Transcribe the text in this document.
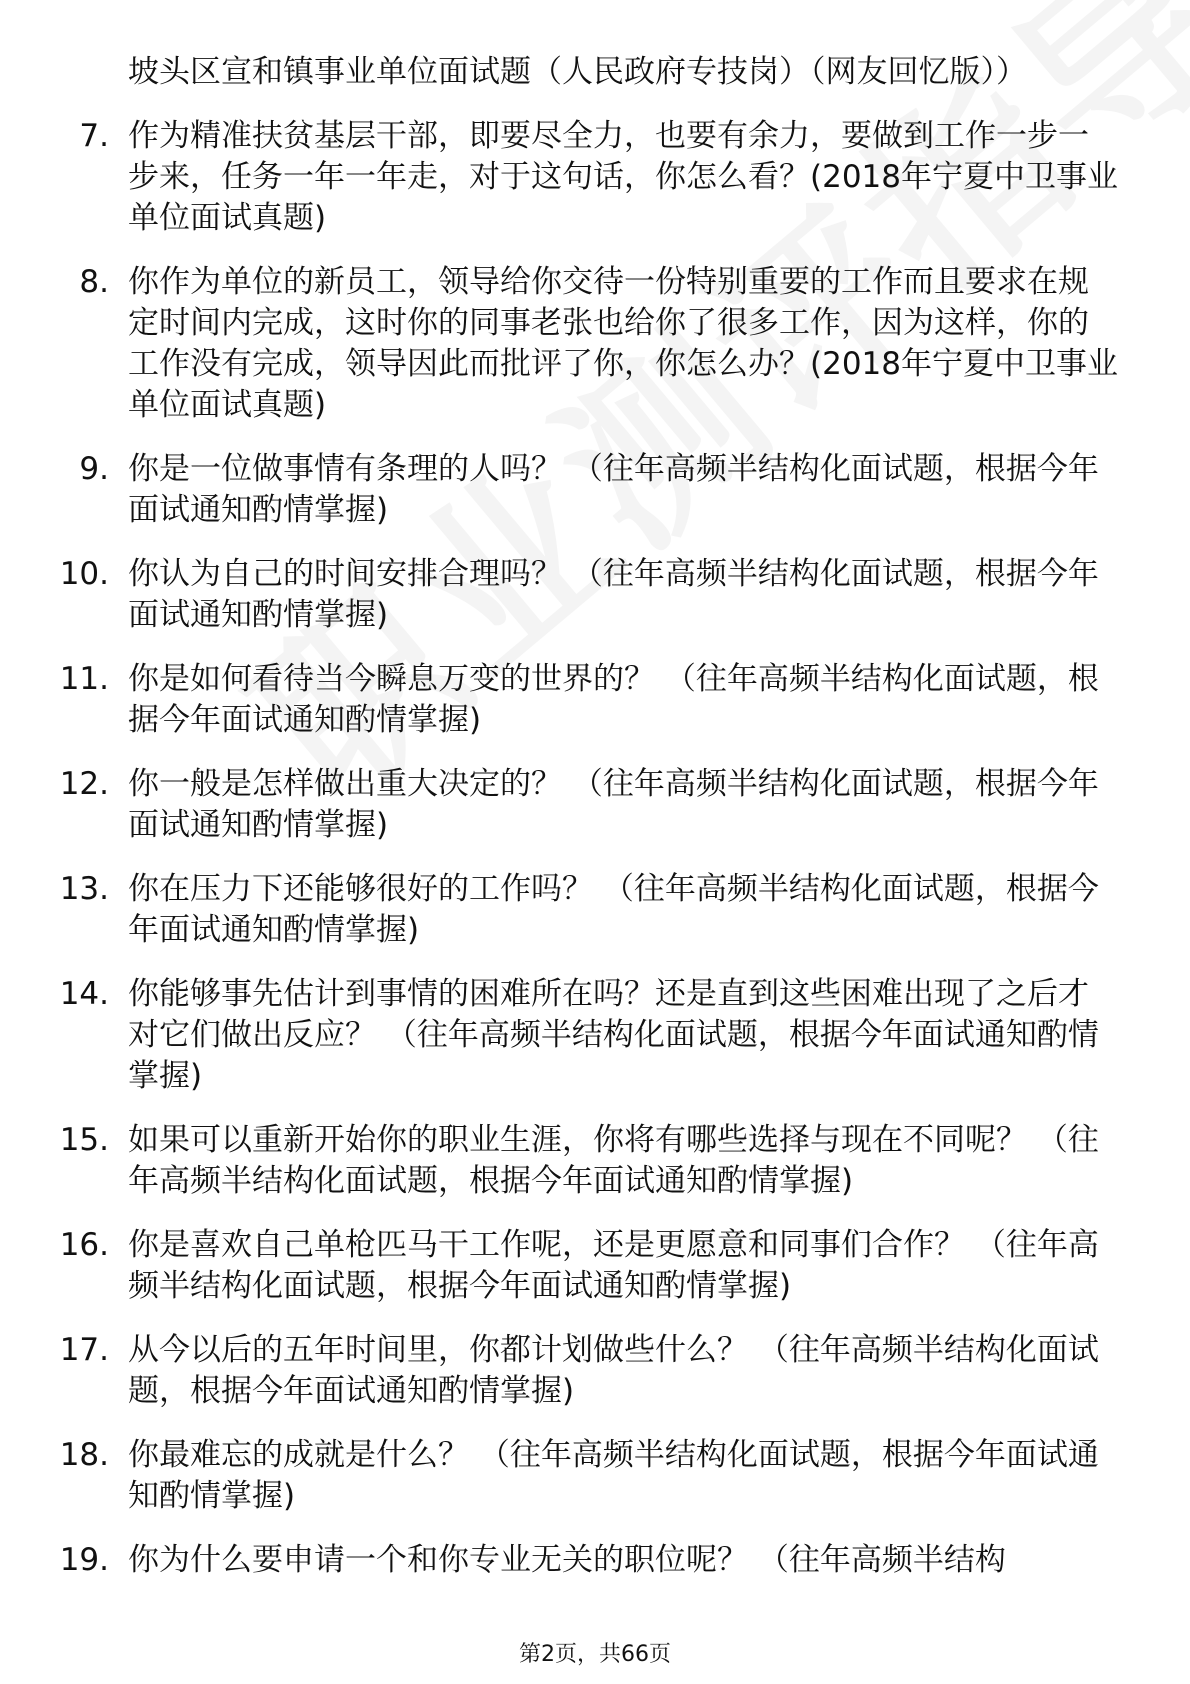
坡头区宣和镇事业单位面试题（人民政府专技岗）（网友回忆版））
7. 作为精准扶贫基层干部，即要尽全力，也要有余力，要做到工作一步一步来，任务一年一年走，对于这句话，你怎么看？(2018年宁夏中卫事业单位面试真题)
8. 你作为单位的新员工，领导给你交待一份特别重要的工作而且要求在规定时间内完成，这时你的同事老张也给你了很多工作，因为这样，你的工作没有完成，领导因此而批评了你，你怎么办？(2018年宁夏中卫事业单位面试真题)
9. 你是一位做事情有条理的人吗？ （往年高频半结构化面试题，根据今年面试通知酌情掌握)
10. 你认为自己的时间安排合理吗？ （往年高频半结构化面试题，根据今年面试通知酌情掌握)
11. 你是如何看待当今瞬息万变的世界的？ （往年高频半结构化面试题，根据今年面试通知酌情掌握)
12. 你一般是怎样做出重大决定的？ （往年高频半结构化面试题，根据今年面试通知酌情掌握)
13. 你在压力下还能够很好的工作吗？ （往年高频半结构化面试题，根据今年面试通知酌情掌握)
14. 你能够事先估计到事情的困难所在吗？还是直到这些困难出现了之后才对它们做出反应？ （往年高频半结构化面试题，根据今年面试通知酌情掌握)
15. 如果可以重新开始你的职业生涯，你将有哪些选择与现在不同呢？ （往年高频半结构化面试题，根据今年面试通知酌情掌握)
16. 你是喜欢自己单枪匹马干工作呢，还是更愿意和同事们合作？ （往年高频半结构化面试题，根据今年面试通知酌情掌握)
17. 从今以后的五年时间里，你都计划做些什么？ （往年高频半结构化面试题，根据今年面试通知酌情掌握)
18. 你最难忘的成就是什么？ （往年高频半结构化面试题，根据今年面试通知酌情掌握)
19. 你为什么要申请一个和你专业无关的职位呢？ （往年高频半结构
第2页，共66页
